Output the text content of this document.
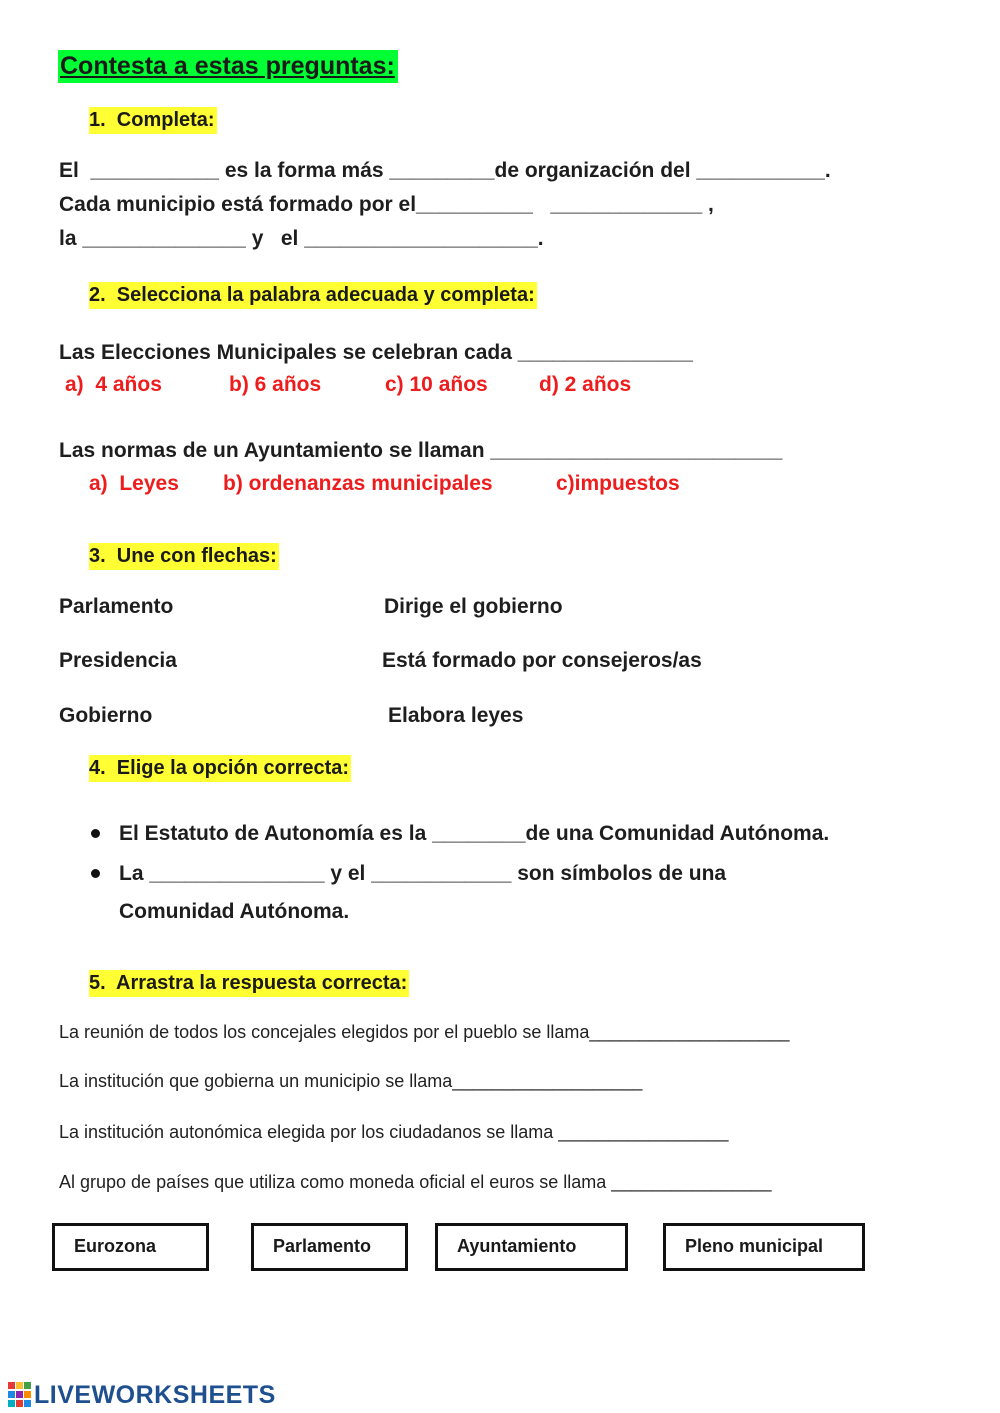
Contesta a estas preguntas:
1.  Completa:
El  ___________ es la forma más _________de organización del ___________.
Cada municipio está formado por el__________   _____________ ,
la ______________ y   el ____________________.
2.  Selecciona la palabra adecuada y completa:
Las Elecciones Municipales se celebran cada _______________
a)  4 años	b) 6 años	c) 10 años d) 2 años
Las normas de un Ayuntamiento se llaman _________________________
a)  Leyes b) ordenanzas municipales	c)impuestos
3.  Une con flechas:
Parlamento	Dirige el gobierno
Presidencia	Está formado por consejeros/as
Gobierno	Elabora leyes
4.  Elige la opción correcta:
El Estatuto de Autonomía es la ________de una Comunidad Autónoma.
La _______________ y el ____________ son símbolos de una
Comunidad Autónoma.
5.  Arrastra la respuesta correcta:
La reunión de todos los concejales elegidos por el pueblo se llama____________________
La institución que gobierna un municipio se llama___________________
La institución autonómica elegida por los ciudadanos se llama _________________
Al grupo de países que utiliza como moneda oficial el euros se llama ________________
Eurozona	Parlamento	Ayuntamiento	Pleno municipal
LIVEWORKSHEETS
